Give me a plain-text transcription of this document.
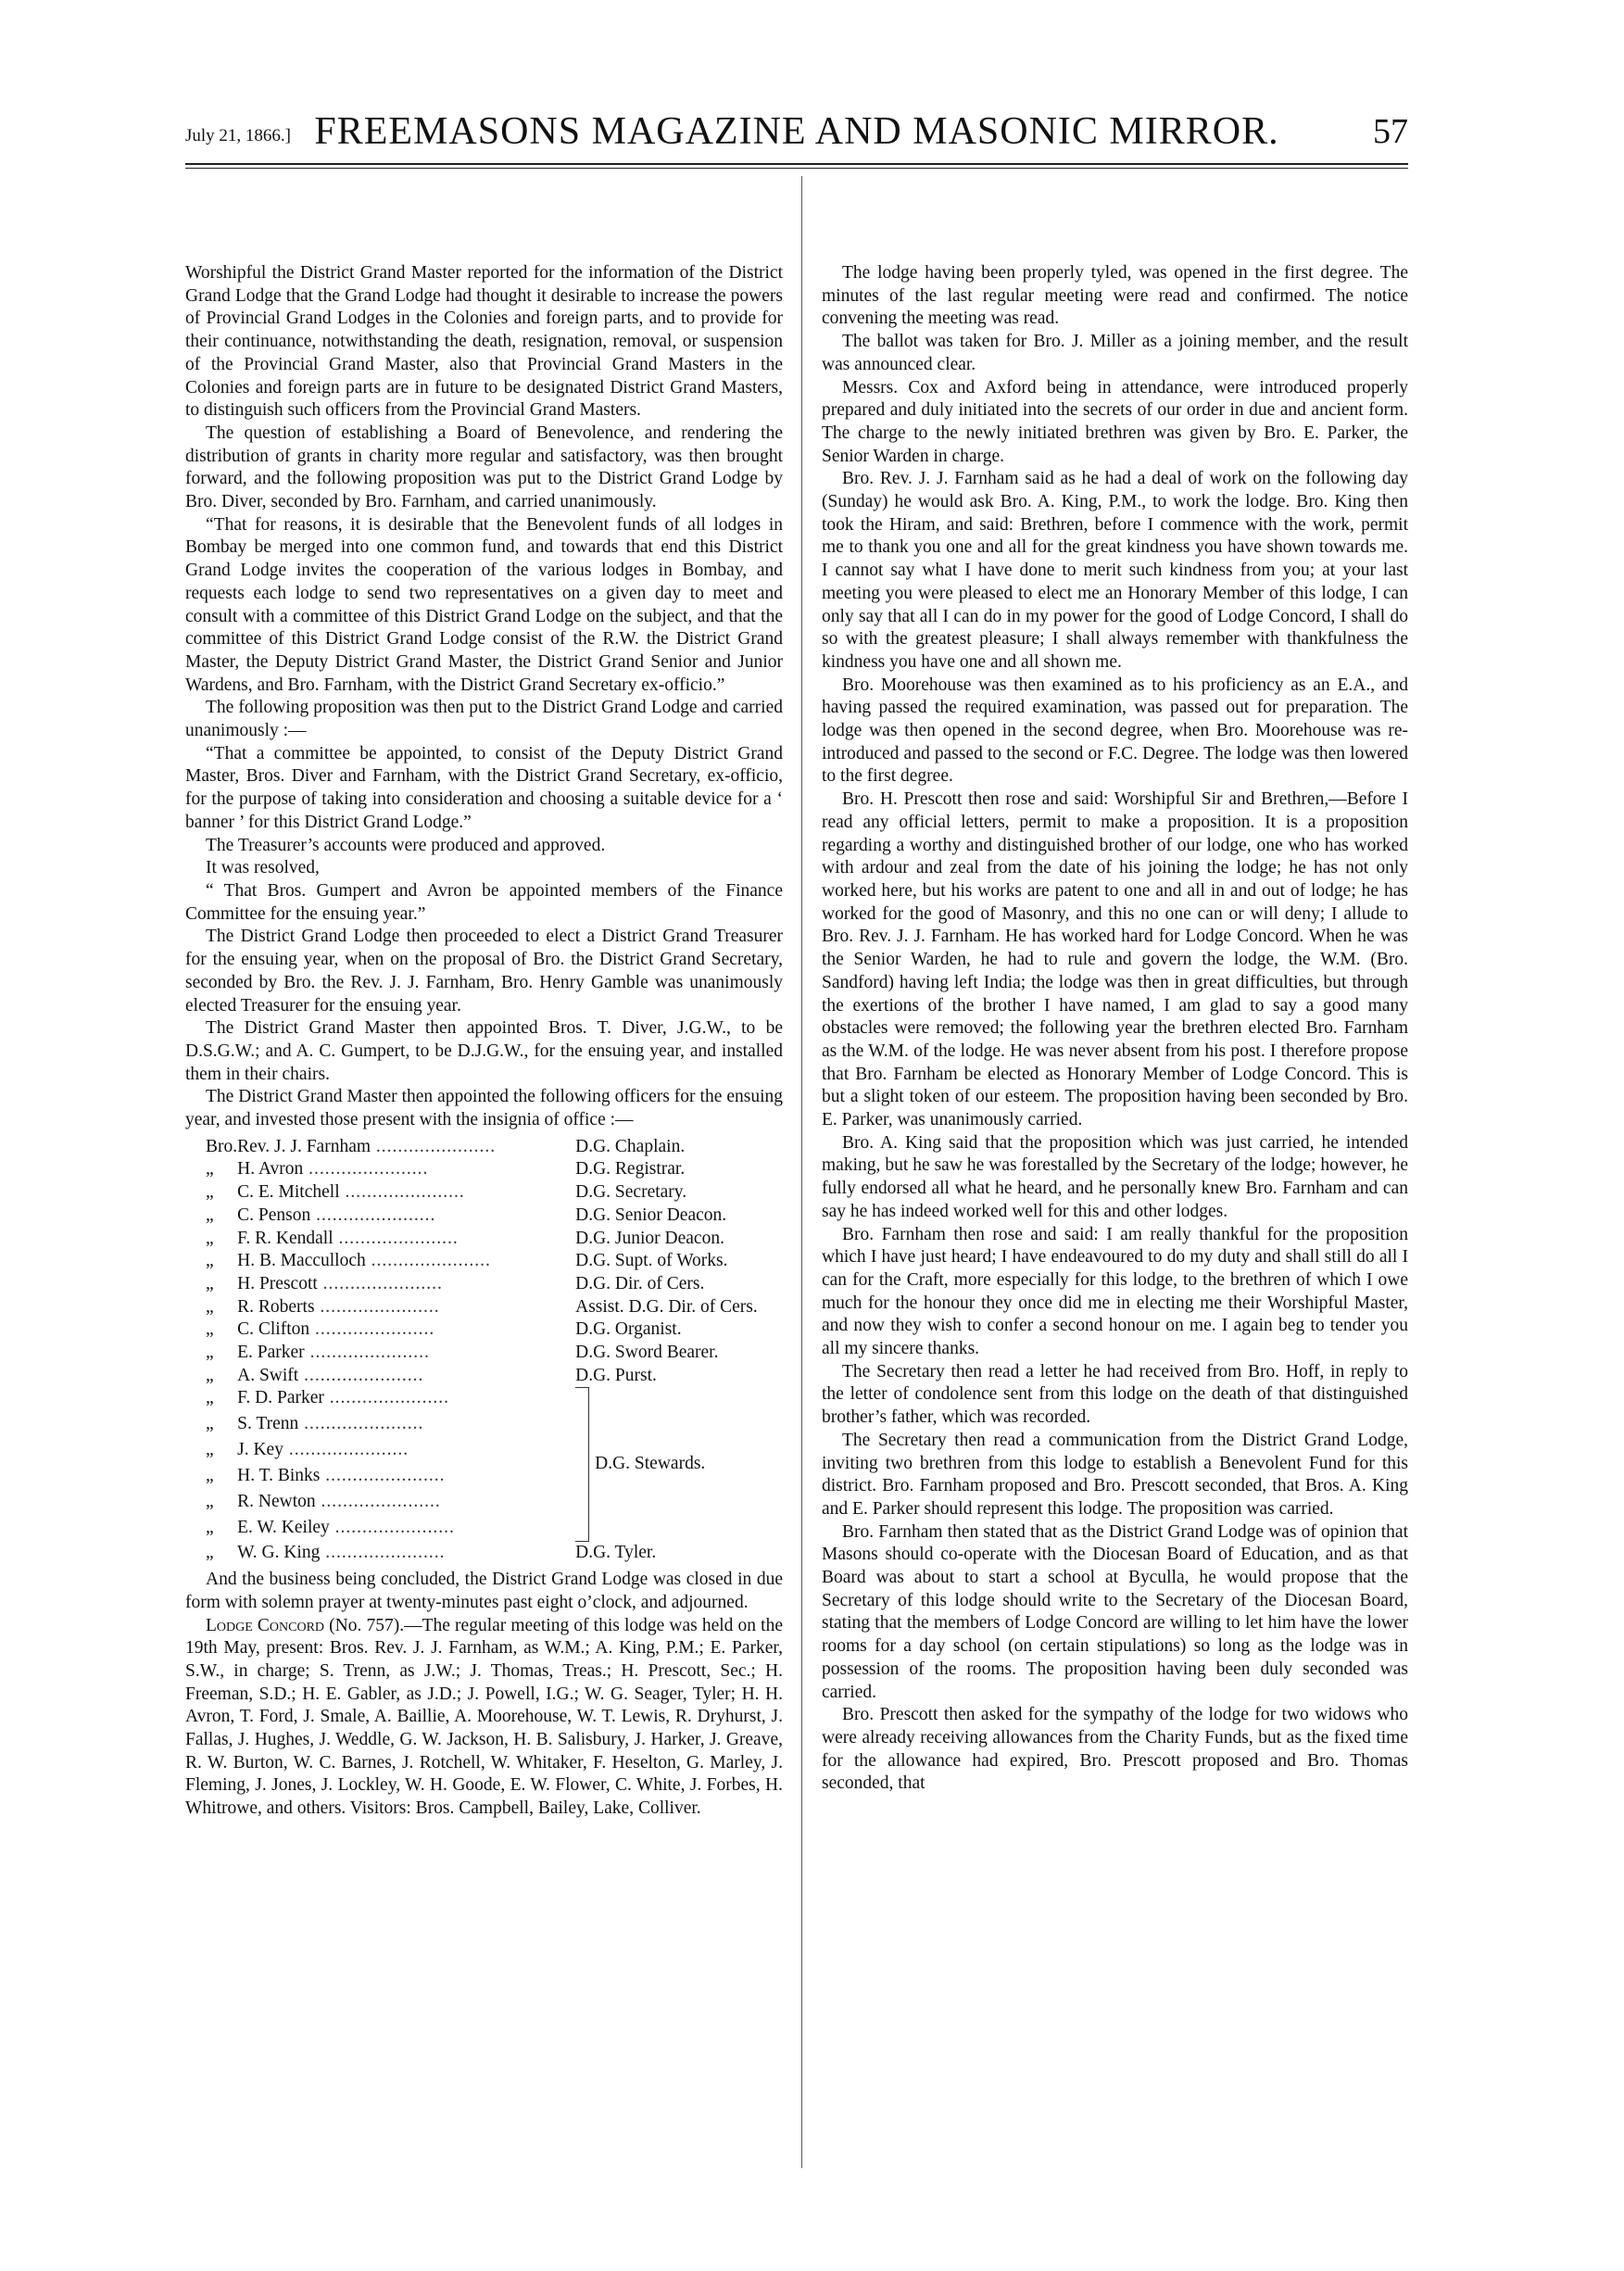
July 21, 1866.] FREEMASONS MAGAZINE AND MASONIC MIRROR.	57

Worshipful the District Grand Master reported for the information of the District Grand Lodge that the Grand Lodge had thought it desirable to increase the powers of Provincial Grand Lodges in the Colonies and foreign parts, and to provide for their continuance, notwithstanding the death, resignation, removal, or suspension of the Provincial Grand Master, also that Provincial Grand Masters in the Colonies and foreign parts are in future to be designated District Grand Masters, to distinguish such officers from the Provincial Grand Masters.

The question of establishing a Board of Benevolence, and rendering the distribution of grants in charity more regular and satisfactory, was then brought forward, and the following proposition was put to the District Grand Lodge by Bro. Diver, seconded by Bro. Farnham, and carried unanimously.

“That for reasons, it is desirable that the Benevolent funds of all lodges in Bombay be merged into one common fund, and towards that end this District Grand Lodge invites the cooperation of the various lodges in Bombay, and requests each lodge to send two representatives on a given day to meet and consult with a committee of this District Grand Lodge on the subject, and that the committee of this District Grand Lodge consist of the R.W. the District Grand Master, the Deputy District Grand Master, the District Grand Senior and Junior Wardens, and Bro. Farnham, with the District Grand Secretary ex-officio.”

The following proposition was then put to the District Grand Lodge and carried unanimously :—

“That a committee be appointed, to consist of the Deputy District Grand Master, Bros. Diver and Farnham, with the District Grand Secretary, ex-officio, for the purpose of taking into consideration and choosing a suitable device for a ‘ banner ’ for this District Grand Lodge.”

The Treasurer’s accounts were produced and approved.

It was resolved,

“ That Bros. Gumpert and Avron be appointed members of the Finance Committee for the ensuing year.”

The District Grand Lodge then proceeded to elect a District Grand Treasurer for the ensuing year, when on the proposal of Bro. the District Grand Secretary, seconded by Bro. the Rev. J. J. Farnham, Bro. Henry Gamble was unanimously elected Treasurer for the ensuing year.

The District Grand Master then appointed Bros. T. Diver, J.G.W., to be D.S.G.W.; and A. C. Gumpert, to be D.J.G.W., for the ensuing year, and installed them in their chairs.

The District Grand Master then appointed the following officers for the ensuing year, and invested those present with the insignia of office :—

Bro.	Rev. J. J. Farnham ......................	D.G. Chaplain.
„	H. Avron ......................	D.G. Registrar.
„	C. E. Mitchell ......................	D.G. Secretary.
„	C. Penson ......................	D.G. Senior Deacon.
„	F. R. Kendall ......................	D.G. Junior Deacon.
„	H. B. Macculloch ......................	D.G. Supt. of Works.
„	H. Prescott ......................	D.G. Dir. of Cers.
„	R. Roberts ......................	Assist. D.G. Dir. of Cers.
„	C. Clifton ......................	D.G. Organist.
„	E. Parker ......................	D.G. Sword Bearer.
„	A. Swift ......................	D.G. Purst.
„	F. D. Parker ......................	D.G. Stewards.
„	S. Trenn ......................	
„	J. Key ......................	
„	H. T. Binks ......................	
„	R. Newton ......................	
„	E. W. Keiley ......................	
„	W. G. King ......................	D.G. Tyler.

And the business being concluded, the District Grand Lodge was closed in due form with solemn prayer at twenty-minutes past eight o’clock, and adjourned.

Lodge Concord (No. 757).—The regular meeting of this lodge was held on the 19th May, present: Bros. Rev. J. J. Farnham, as W.M.; A. King, P.M.; E. Parker, S.W., in charge; S. Trenn, as J.W.; J. Thomas, Treas.; H. Prescott, Sec.; H. Freeman, S.D.; H. E. Gabler, as J.D.; J. Powell, I.G.; W. G. Seager, Tyler; H. H. Avron, T. Ford, J. Smale, A. Baillie, A. Moorehouse, W. T. Lewis, R. Dryhurst, J. Fallas, J. Hughes, J. Weddle, G. W. Jackson, H. B. Salisbury, J. Harker, J. Greave, R. W. Burton, W. C. Barnes, J. Rotchell, W. Whitaker, F. Heselton, G. Marley, J. Fleming, J. Jones, J. Lockley, W. H. Goode, E. W. Flower, C. White, J. Forbes, H. Whitrowe, and others. Visitors: Bros. Campbell, Bailey, Lake, Colliver.

The lodge having been properly tyled, was opened in the first degree. The minutes of the last regular meeting were read and confirmed. The notice convening the meeting was read.

The ballot was taken for Bro. J. Miller as a joining member, and the result was announced clear.

Messrs. Cox and Axford being in attendance, were introduced properly prepared and duly initiated into the secrets of our order in due and ancient form. The charge to the newly initiated brethren was given by Bro. E. Parker, the Senior Warden in charge.

Bro. Rev. J. J. Farnham said as he had a deal of work on the following day (Sunday) he would ask Bro. A. King, P.M., to work the lodge. Bro. King then took the Hiram, and said: Brethren, before I commence with the work, permit me to thank you one and all for the great kindness you have shown towards me. I cannot say what I have done to merit such kindness from you; at your last meeting you were pleased to elect me an Honorary Member of this lodge, I can only say that all I can do in my power for the good of Lodge Concord, I shall do so with the greatest pleasure; I shall always remember with thankfulness the kindness you have one and all shown me.

Bro. Moorehouse was then examined as to his proficiency as an E.A., and having passed the required examination, was passed out for preparation. The lodge was then opened in the second degree, when Bro. Moorehouse was re-introduced and passed to the second or F.C. Degree. The lodge was then lowered to the first degree.

Bro. H. Prescott then rose and said: Worshipful Sir and Brethren,—Before I read any official letters, permit to make a proposition. It is a proposition regarding a worthy and distinguished brother of our lodge, one who has worked with ardour and zeal from the date of his joining the lodge; he has not only worked here, but his works are patent to one and all in and out of lodge; he has worked for the good of Masonry, and this no one can or will deny; I allude to Bro. Rev. J. J. Farnham. He has worked hard for Lodge Concord. When he was the Senior Warden, he had to rule and govern the lodge, the W.M. (Bro. Sandford) having left India; the lodge was then in great difficulties, but through the exertions of the brother I have named, I am glad to say a good many obstacles were removed; the following year the brethren elected Bro. Farnham as the W.M. of the lodge. He was never absent from his post. I therefore propose that Bro. Farnham be elected as Honorary Member of Lodge Concord. This is but a slight token of our esteem. The proposition having been seconded by Bro. E. Parker, was unanimously carried.

Bro. A. King said that the proposition which was just carried, he intended making, but he saw he was forestalled by the Secretary of the lodge; however, he fully endorsed all what he heard, and he personally knew Bro. Farnham and can say he has indeed worked well for this and other lodges.

Bro. Farnham then rose and said: I am really thankful for the proposition which I have just heard; I have endeavoured to do my duty and shall still do all I can for the Craft, more especially for this lodge, to the brethren of which I owe much for the honour they once did me in electing me their Worshipful Master, and now they wish to confer a second honour on me. I again beg to tender you all my sincere thanks.

The Secretary then read a letter he had received from Bro. Hoff, in reply to the letter of condolence sent from this lodge on the death of that distinguished brother’s father, which was recorded.

The Secretary then read a communication from the District Grand Lodge, inviting two brethren from this lodge to establish a Benevolent Fund for this district. Bro. Farnham proposed and Bro. Prescott seconded, that Bros. A. King and E. Parker should represent this lodge. The proposition was carried.

Bro. Farnham then stated that as the District Grand Lodge was of opinion that Masons should co-operate with the Diocesan Board of Education, and as that Board was about to start a school at Byculla, he would propose that the Secretary of this lodge should write to the Secretary of the Diocesan Board, stating that the members of Lodge Concord are willing to let him have the lower rooms for a day school (on certain stipulations) so long as the lodge was in possession of the rooms. The proposition having been duly seconded was carried.

Bro. Prescott then asked for the sympathy of the lodge for two widows who were already receiving allowances from the Charity Funds, but as the fixed time for the allowance had expired, Bro. Prescott proposed and Bro. Thomas seconded, that
